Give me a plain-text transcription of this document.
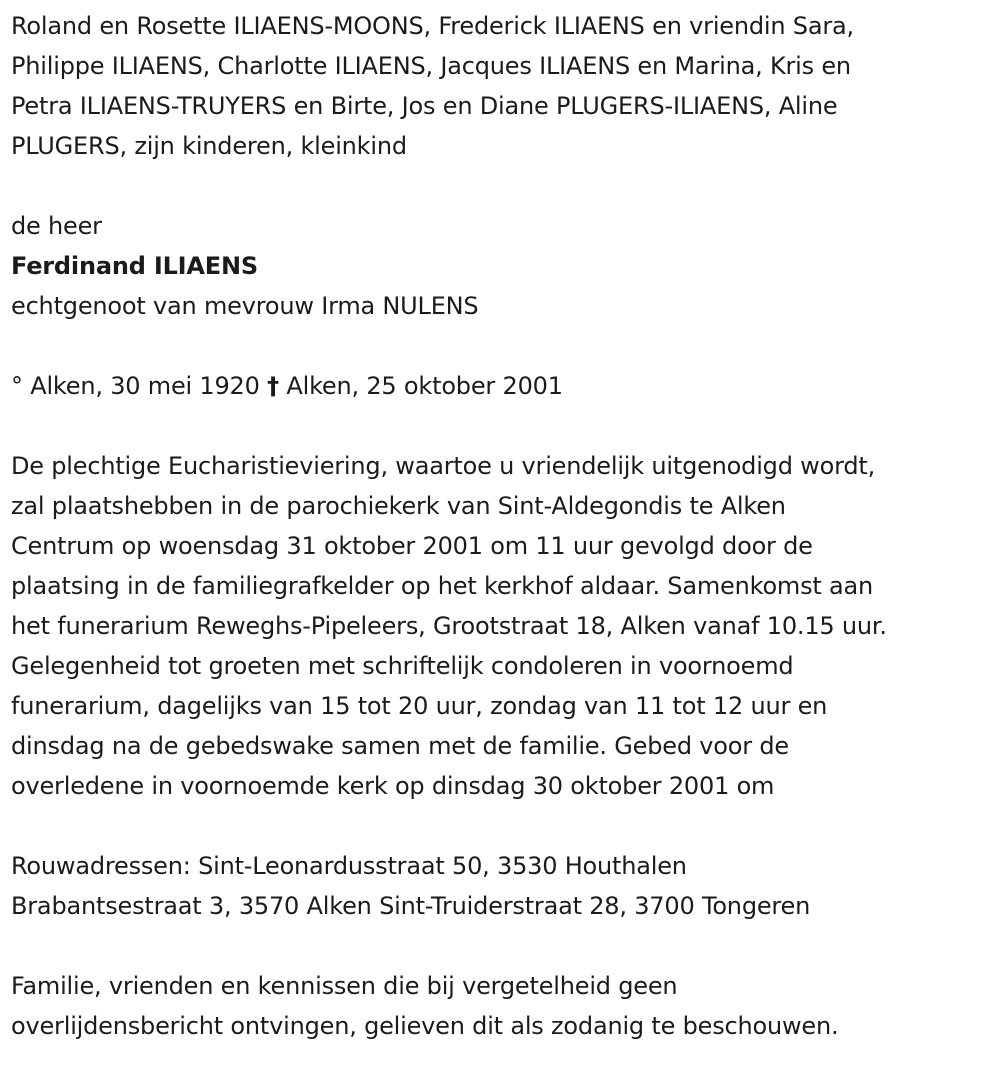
Roland en Rosette ILIAENS-MOONS, Frederick ILIAENS en vriendin Sara,
Philippe ILIAENS, Charlotte ILIAENS, Jacques ILIAENS en Marina, Kris en
Petra ILIAENS-TRUYERS en Birte, Jos en Diane PLUGERS-ILIAENS, Aline
PLUGERS, zijn kinderen, kleinkind
de heer
Ferdinand ILIAENS
echtgenoot van mevrouw Irma NULENS
° Alken, 30 mei 1920 † Alken, 25 oktober 2001
De plechtige Eucharistieviering, waartoe u vriendelijk uitgenodigd wordt,
zal plaatshebben in de parochiekerk van Sint-Aldegondis te Alken
Centrum op woensdag 31 oktober 2001 om 11 uur gevolgd door de
plaatsing in de familiegrafkelder op het kerkhof aldaar. Samenkomst aan
het funerarium Reweghs-Pipeleers, Grootstraat 18, Alken vanaf 10.15 uur.
Gelegenheid tot groeten met schriftelijk condoleren in voornoemd
funerarium, dagelijks van 15 tot 20 uur, zondag van 11 tot 12 uur en
dinsdag na de gebedswake samen met de familie. Gebed voor de
overledene in voornoemde kerk op dinsdag 30 oktober 2001 om
Rouwadressen: Sint-Leonardusstraat 50, 3530 Houthalen
Brabantsestraat 3, 3570 Alken Sint-Truiderstraat 28, 3700 Tongeren
Familie, vrienden en kennissen die bij vergetelheid geen
overlijdensbericht ontvingen, gelieven dit als zodanig te beschouwen.
